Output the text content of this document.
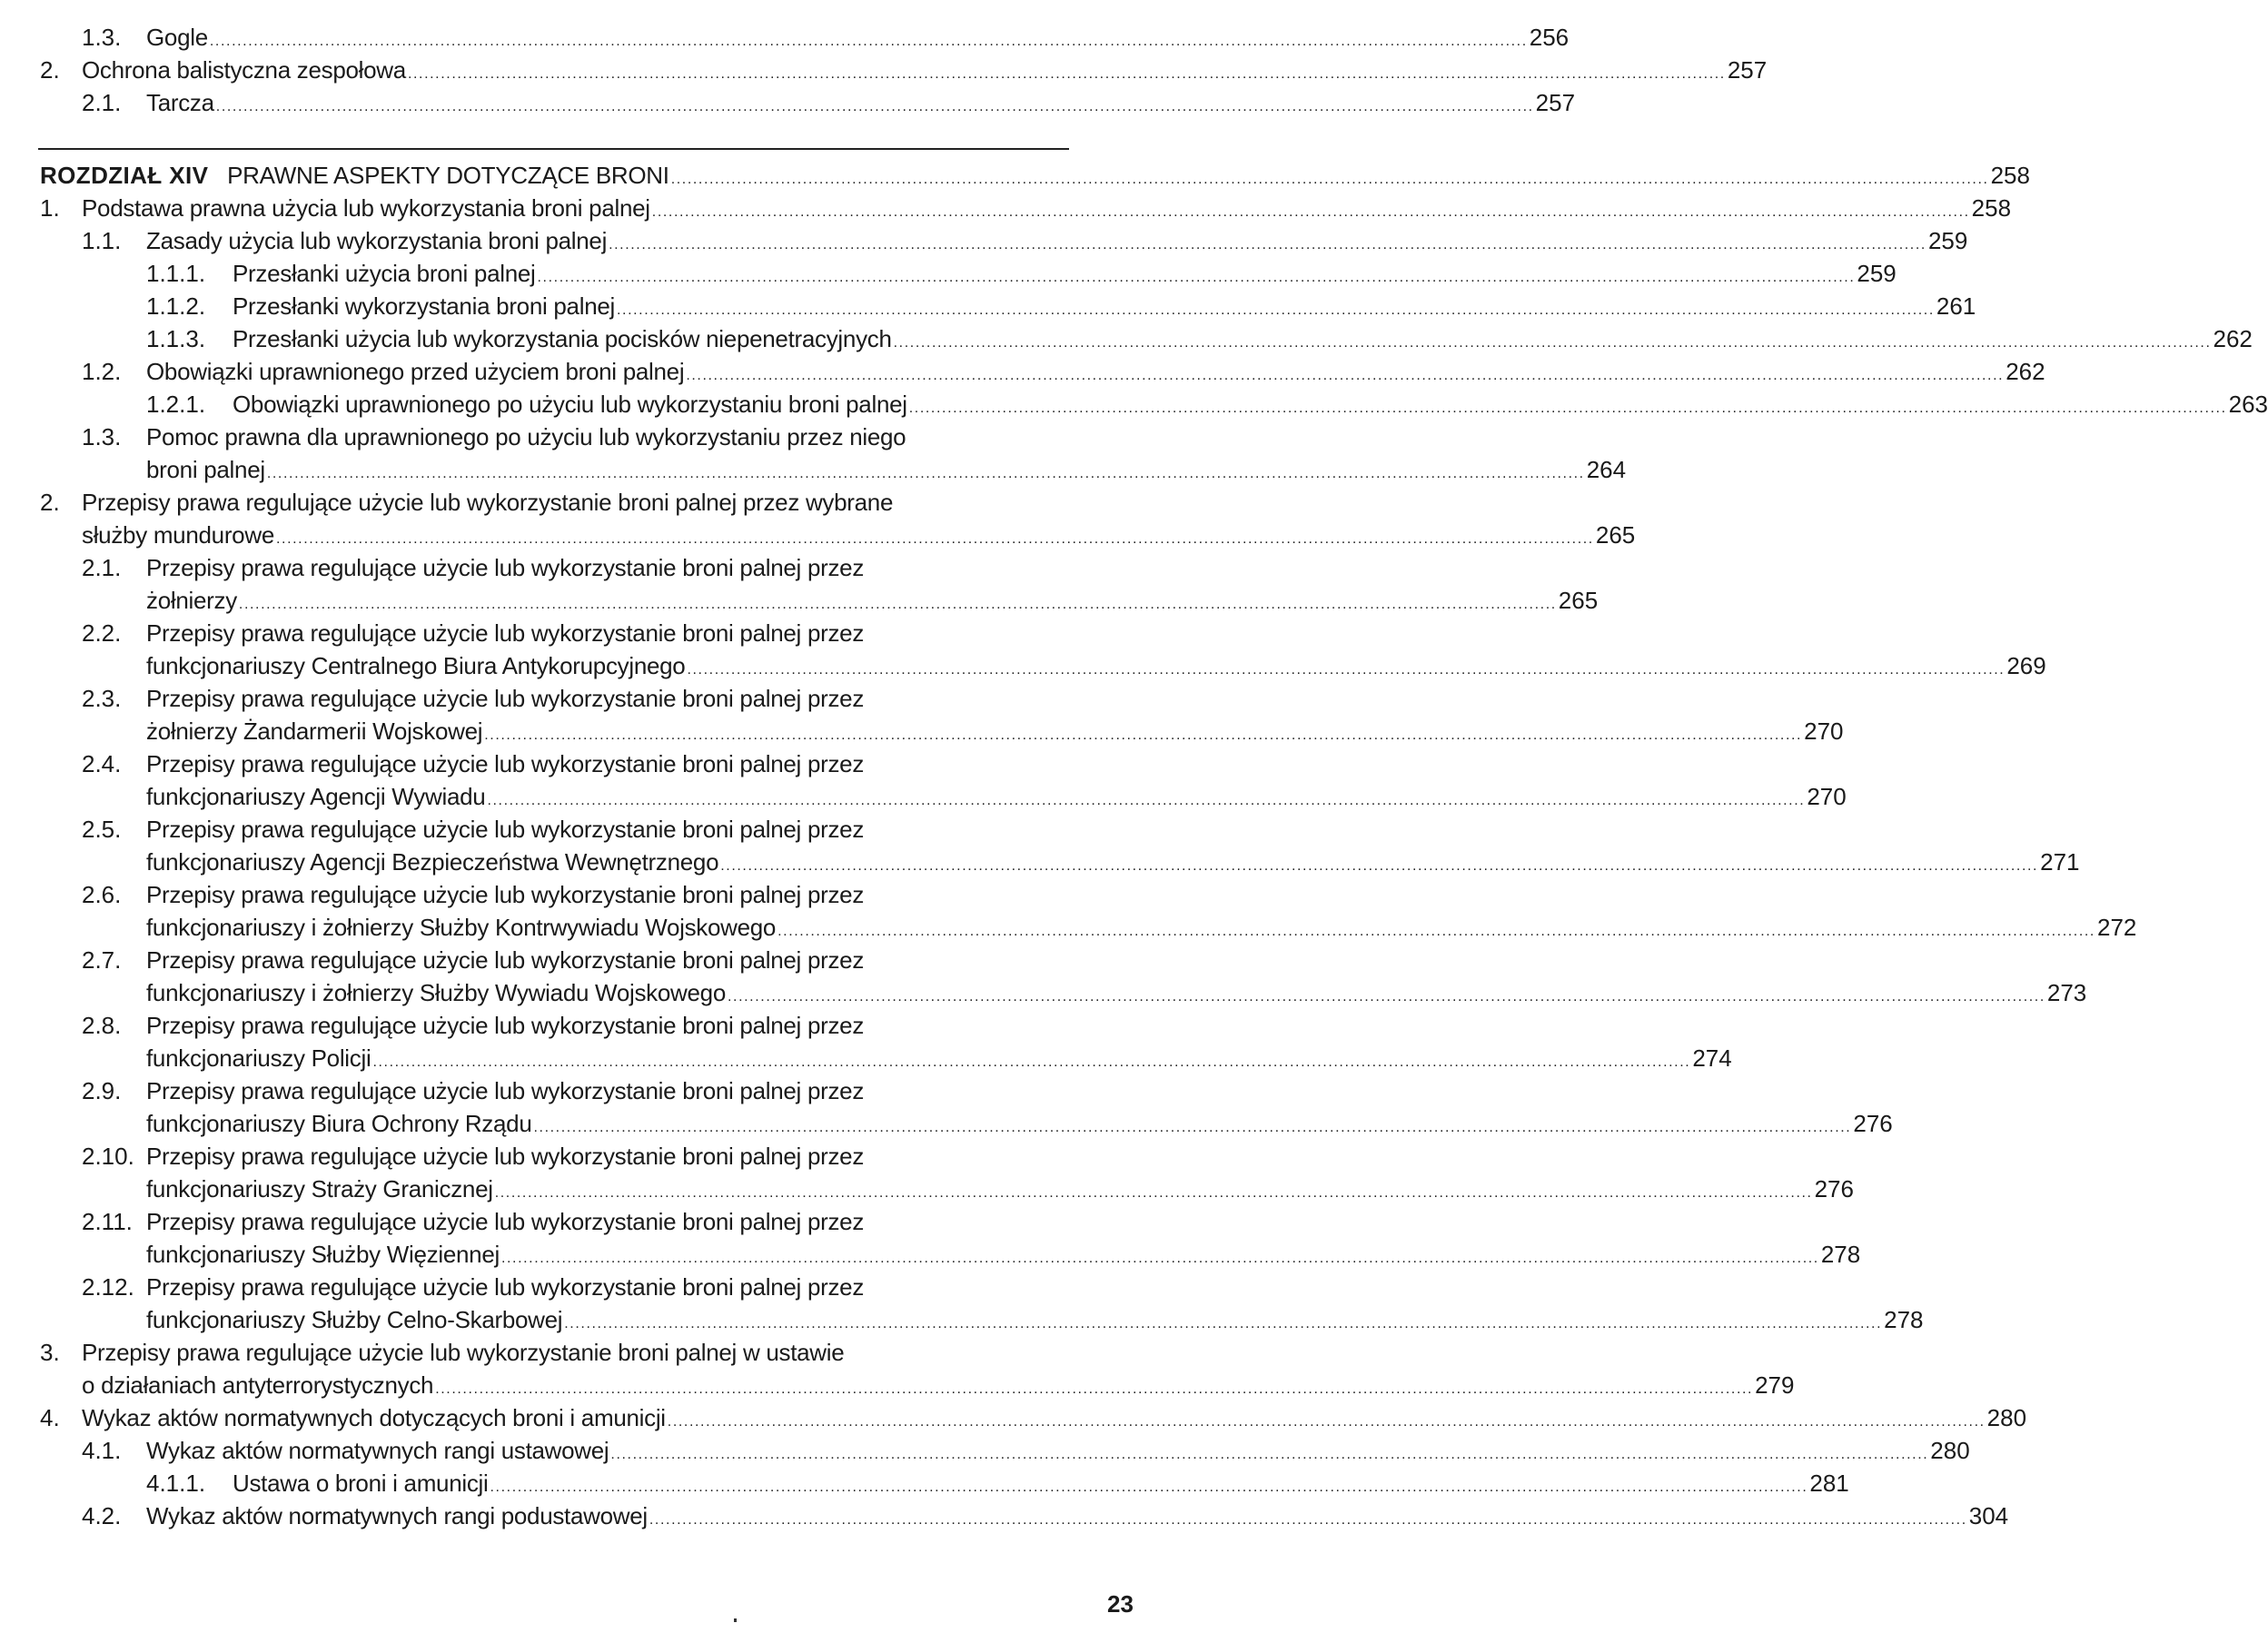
23
1.3. Gogle .....	256
2. Ochrona balistyczna zespołowa .....	257
2.1. Tarcza .....	257
ROZDZIAŁ XIV PRAWNE ASPEKTY DOTYCZĄCE BRONI .....	258
1. Podstawa prawna użycia lub wykorzystania broni palnej .....	258
1.1. Zasady użycia lub wykorzystania broni palnej .....	259
1.1.1. Przesłanki użycia broni palnej .....	259
1.1.2. Przesłanki wykorzystania broni palnej .....	261
1.1.3. Przesłanki użycia lub wykorzystania pocisków niepenetracyjnych .....	262
1.2. Obowiązki uprawnionego przed użyciem broni palnej .....	262
1.2.1. Obowiązki uprawnionego po użyciu lub wykorzystaniu broni palnej .....	263
1.3. Pomoc prawna dla uprawnionego po użyciu lub wykorzystaniu przez niego
broni palnej .....	264
2. Przepisy prawa regulujące użycie lub wykorzystanie broni palnej przez wybrane
służby mundurowe .....	265
2.1. Przepisy prawa regulujące użycie lub wykorzystanie broni palnej przez
żołnierzy .....	265
2.2. Przepisy prawa regulujące użycie lub wykorzystanie broni palnej przez
funkcjonariuszy Centralnego Biura Antykorupcyjnego .....	269
2.3. Przepisy prawa regulujące użycie lub wykorzystanie broni palnej przez
żołnierzy Żandarmerii Wojskowej .....	270
2.4. Przepisy prawa regulujące użycie lub wykorzystanie broni palnej przez
funkcjonariuszy Agencji Wywiadu .....	270
2.5. Przepisy prawa regulujące użycie lub wykorzystanie broni palnej przez
funkcjonariuszy Agencji Bezpieczeństwa Wewnętrznego .....	271
2.6. Przepisy prawa regulujące użycie lub wykorzystanie broni palnej przez
funkcjonariuszy i żołnierzy Służby Kontrwywiadu Wojskowego .....	272
2.7. Przepisy prawa regulujące użycie lub wykorzystanie broni palnej przez
funkcjonariuszy i żołnierzy Służby Wywiadu Wojskowego .....	273
2.8. Przepisy prawa regulujące użycie lub wykorzystanie broni palnej przez
funkcjonariuszy Policji .....	274
2.9. Przepisy prawa regulujące użycie lub wykorzystanie broni palnej przez
funkcjonariuszy Biura Ochrony Rządu .....	276
2.10. Przepisy prawa regulujące użycie lub wykorzystanie broni palnej przez
funkcjonariuszy Straży Granicznej .....	276
2.11. Przepisy prawa regulujące użycie lub wykorzystanie broni palnej przez
funkcjonariuszy Służby Więziennej .....	278
2.12. Przepisy prawa regulujące użycie lub wykorzystanie broni palnej przez
funkcjonariuszy Służby Celno-Skarbowej .....	278
3. Przepisy prawa regulujące użycie lub wykorzystanie broni palnej w ustawie
o działaniach antyterrorystycznych .....	279
4. Wykaz aktów normatywnych dotyczących broni i amunicji .....	280
4.1. Wykaz aktów normatywnych rangi ustawowej .....	280
4.1.1. Ustawa o broni i amunicji .....	281
4.2. Wykaz aktów normatywnych rangi podustawowej .....	304
